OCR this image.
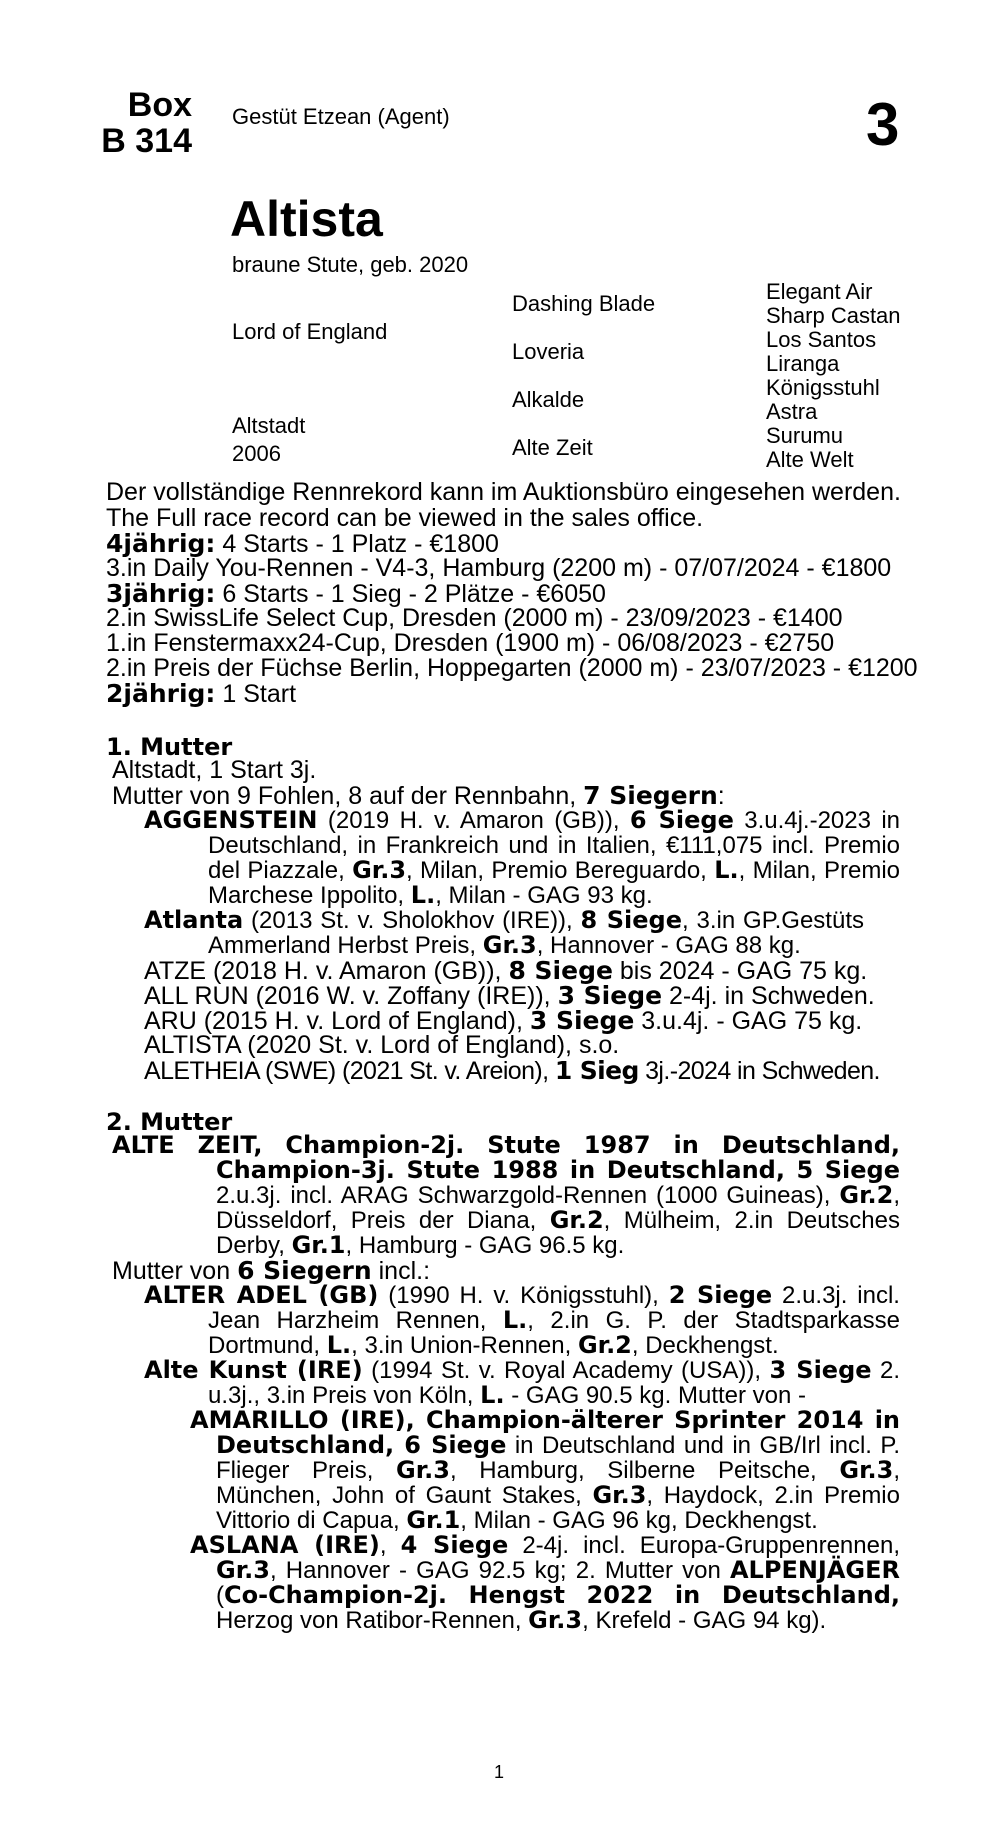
Box
B 314
Gestüt Etzean (Agent)	3
Altista
braune Stute, geb. 2020
Lord of England
Altstadt
2006
Dashing Blade
Loveria
Alkalde
Alte Zeit
Elegant Air
Sharp Castan
Los Santos
Liranga
Königsstuhl
Astra
Surumu
Alte Welt
Der vollständige Rennrekord kann im Auktionsbüro eingesehen werden.
The Full race record can be viewed in the sales office.
4jährig: 4 Starts - 1 Platz - €1800
3.in Daily You-Rennen - V4-3, Hamburg (2200 m) - 07/07/2024 - €1800
3jährig: 6 Starts - 1 Sieg - 2 Plätze - €6050
2.in SwissLife Select Cup, Dresden (2000 m) - 23/09/2023 - €1400
1.in Fenstermaxx24-Cup, Dresden (1900 m) - 06/08/2023 - €2750
2.in Preis der Füchse Berlin, Hoppegarten (2000 m) - 23/07/2023 - €1200
2jährig: 1 Start
1. Mutter
Altstadt, 1 Start 3j.
Mutter von 9 Fohlen, 8 auf der Rennbahn, 7 Siegern:

AGGENSTEIN (2019 H. v. Amaron (GB)), 6 Siege 3.u.4j.-2023 in Deutschland, in Frankreich und in Italien, €111,075 incl. Premio del Piazzale, Gr.3, Milan, Premio Bereguardo, L., Milan, Premio Marchese Ippolito, L., Milan - GAG 93 kg.

Atlanta (2013 St. v. Sholokhov (IRE)), 8 Siege, 3.in GP.Gestüts Ammerland Herbst Preis, Gr.3, Hannover - GAG 88 kg.

ATZE (2018 H. v. Amaron (GB)), 8 Siege bis 2024 - GAG 75 kg.
ALL RUN (2016 W. v. Zoffany (IRE)), 3 Siege 2-4j. in Schweden.
ARU (2015 H. v. Lord of England), 3 Siege 3.u.4j. - GAG 75 kg.
ALTISTA (2020 St. v. Lord of England), s.o.
ALETHEIA (SWE) (2021 St. v. Areion), 1 Sieg 3j.-2024 in Schweden.
2. Mutter

ALTE ZEIT, Champion-2j. Stute 1987 in Deutschland, Champion-3j. Stute 1988 in Deutschland, 5 Siege 2.u.3j. incl. ARAG Schwarzgold-Rennen (1000 Guineas), Gr.2, Düsseldorf, Preis der Diana, Gr.2, Mülheim, 2.in Deutsches Derby, Gr.1, Hamburg - GAG 96.5 kg.

Mutter von 6 Siegern incl.:

ALTER ADEL (GB) (1990 H. v. Königsstuhl), 2 Siege 2.u.3j. incl. Jean Harzheim Rennen, L., 2.in G. P. der Stadtsparkasse Dortmund, L., 3.in Union-Rennen, Gr.2, Deckhengst.

Alte Kunst (IRE) (1994 St. v. Royal Academy (USA)), 3 Siege 2. u.3j., 3.in Preis von Köln, L. - GAG 90.5 kg. Mutter von -

AMARILLO (IRE), Champion-älterer Sprinter 2014 in Deutschland, 6 Siege in Deutschland und in GB/Irl incl. P. Flieger Preis, Gr.3, Hamburg, Silberne Peitsche, Gr.3, München, John of Gaunt Stakes, Gr.3, Haydock, 2.in Premio Vittorio di Capua, Gr.1, Milan - GAG 96 kg, Deckhengst.

ASLANA (IRE), 4 Siege 2-4j. incl. Europa-Gruppenrennen, Gr.3, Hannover - GAG 92.5 kg; 2. Mutter von ALPENJÄGER (Co-Champion-2j. Hengst 2022 in Deutschland, Herzog von Ratibor-Rennen, Gr.3, Krefeld - GAG 94 kg).

1
